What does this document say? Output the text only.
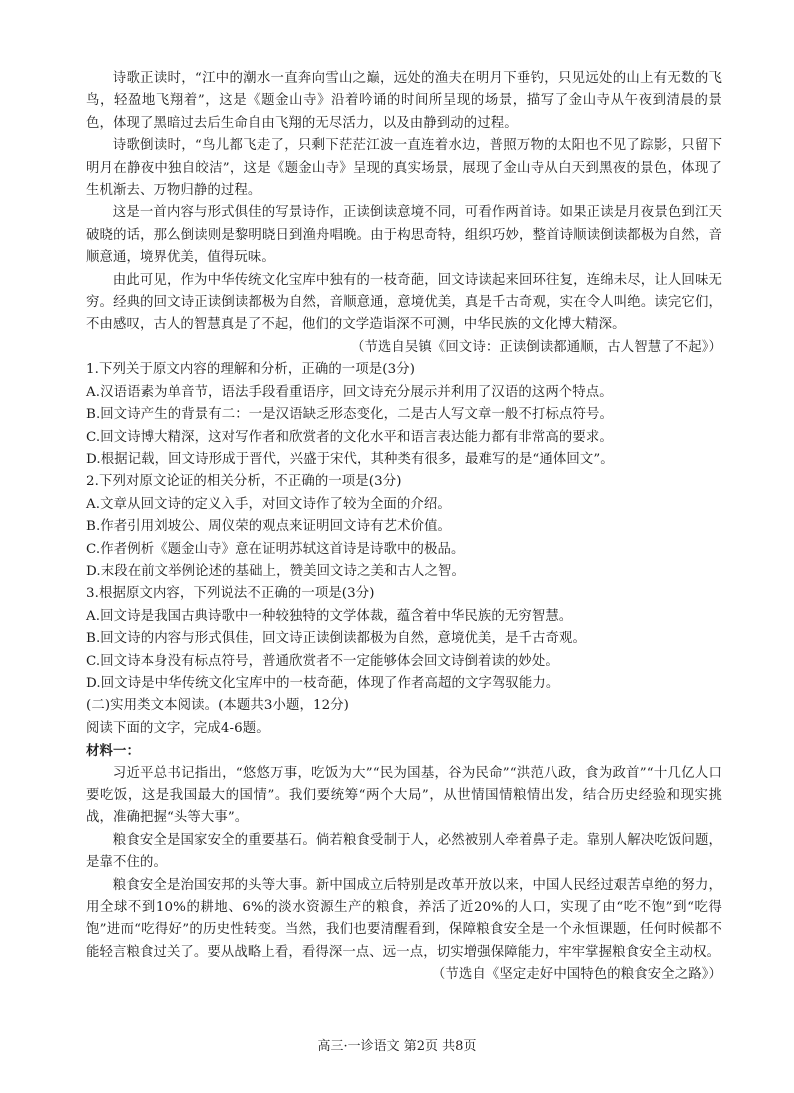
诗歌正读时，“江中的潮水一直奔向雪山之巅，远处的渔夫在明月下垂钓，只见远处的山上有无数的飞鸟，轻盈地飞翔着”，这是《题金山寺》沿着吟诵的时间所呈现的场景，描写了金山寺从午夜到清晨的景色，体现了黑暗过去后生命自由飞翔的无尽活力，以及由静到动的过程。

诗歌倒读时，“鸟儿都飞走了，只剩下茫茫江波一直连着水边，普照万物的太阳也不见了踪影，只留下明月在静夜中独自皎洁”，这是《题金山寺》呈现的真实场景，展现了金山寺从白天到黑夜的景色，体现了生机渐去、万物归静的过程。

这是一首内容与形式俱佳的写景诗作，正读倒读意境不同，可看作两首诗。如果正读是月夜景色到江天破晓的话，那么倒读则是黎明晓日到渔舟唱晚。由于构思奇特，组织巧妙，整首诗顺读倒读都极为自然，音顺意通，境界优美，值得玩味。

由此可见，作为中华传统文化宝库中独有的一枝奇葩，回文诗读起来回环往复，连绵未尽，让人回味无穷。经典的回文诗正读倒读都极为自然，音顺意通，意境优美，真是千古奇观，实在令人叫绝。读完它们，不由感叹，古人的智慧真是了不起，他们的文学造诣深不可测，中华民族的文化博大精深。

（节选自吴镇《回文诗：正读倒读都通顺，古人智慧了不起》）

1.下列关于原文内容的理解和分析，正确的一项是(3分)

A.汉语语素为单音节，语法手段看重语序，回文诗充分展示并利用了汉语的这两个特点。

B.回文诗产生的背景有二：一是汉语缺乏形态变化，二是古人写文章一般不打标点符号。

C.回文诗博大精深，这对写作者和欣赏者的文化水平和语言表达能力都有非常高的要求。

D.根据记载，回文诗形成于晋代，兴盛于宋代，其种类有很多，最难写的是“通体回文”。

2.下列对原文论证的相关分析，不正确的一项是(3分)

A.文章从回文诗的定义入手，对回文诗作了较为全面的介绍。

B.作者引用刘坡公、周仪荣的观点来证明回文诗有艺术价值。

C.作者例析《题金山寺》意在证明苏轼这首诗是诗歌中的极品。

D.末段在前文举例论述的基础上，赞美回文诗之美和古人之智。

3.根据原文内容，下列说法不正确的一项是(3分)

A.回文诗是我国古典诗歌中一种较独特的文学体裁，蕴含着中华民族的无穷智慧。

B.回文诗的内容与形式俱佳，回文诗正读倒读都极为自然，意境优美，是千古奇观。

C.回文诗本身没有标点符号，普通欣赏者不一定能够体会回文诗倒着读的妙处。

D.回文诗是中华传统文化宝库中的一枝奇葩，体现了作者高超的文字驾驭能力。

(二)实用类文本阅读。(本题共3小题，12分)

阅读下面的文字，完成4-6题。

材料一：

习近平总书记指出，“悠悠万事，吃饭为大”“民为国基，谷为民命”“洪范八政，食为政首”“十几亿人口要吃饭，这是我国最大的国情”。我们要统筹“两个大局”，从世情国情粮情出发，结合历史经验和现实挑战，准确把握“头等大事”。

粮食安全是国家安全的重要基石。倘若粮食受制于人，必然被别人牵着鼻子走。靠别人解决吃饭问题，是靠不住的。

粮食安全是治国安邦的头等大事。新中国成立后特别是改革开放以来，中国人民经过艰苦卓绝的努力，用全球不到10%的耕地、6%的淡水资源生产的粮食，养活了近20%的人口，实现了由“吃不饱”到“吃得饱”进而“吃得好”的历史性转变。当然，我们也要清醒看到，保障粮食安全是一个永恒课题，任何时候都不能轻言粮食过关了。要从战略上看，看得深一点、远一点，切实增强保障能力，牢牢掌握粮食安全主动权。

（节选自《坚定走好中国特色的粮食安全之路》）

高三·一诊语文 第2页 共8页
